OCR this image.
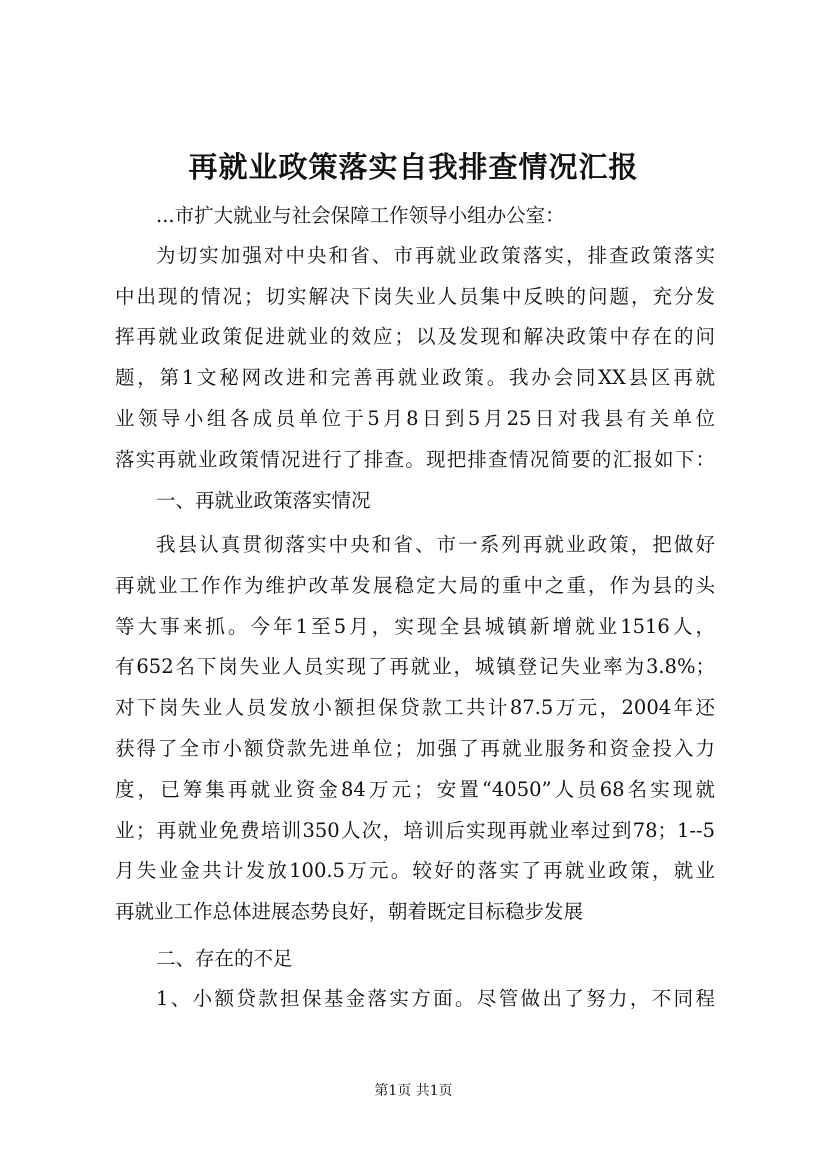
再就业政策落实自我排查情况汇报
...市扩大就业与社会保障工作领导小组办公室：
为切实加强对中央和省、市再就业政策落实，排查政策落实
中出现的情况；切实解决下岗失业人员集中反映的问题，充分发
挥再就业政策促进就业的效应；以及发现和解决政策中存在的问
题，第1文秘网改进和完善再就业政策。我办会同XX县区再就
业领导小组各成员单位于5月8日到5月25日对我县有关单位
落实再就业政策情况进行了排查。现把排查情况简要的汇报如下：
一、再就业政策落实情况
我县认真贯彻落实中央和省、市一系列再就业政策，把做好
再就业工作作为维护改革发展稳定大局的重中之重，作为县的头
等大事来抓。今年1至5月，实现全县城镇新增就业1516人，
有652名下岗失业人员实现了再就业，城镇登记失业率为3.8%；
对下岗失业人员发放小额担保贷款工共计87.5万元，2004年还
获得了全市小额贷款先进单位；加强了再就业服务和资金投入力
度，已筹集再就业资金84万元；安置“4050”人员68名实现就
业；再就业免费培训350人次，培训后实现再就业率过到78；1--5
月失业金共计发放100.5万元。较好的落实了再就业政策，就业
再就业工作总体进展态势良好，朝着既定目标稳步发展
二、存在的不足
1、小额贷款担保基金落实方面。尽管做出了努力，不同程
第1页 共1页
